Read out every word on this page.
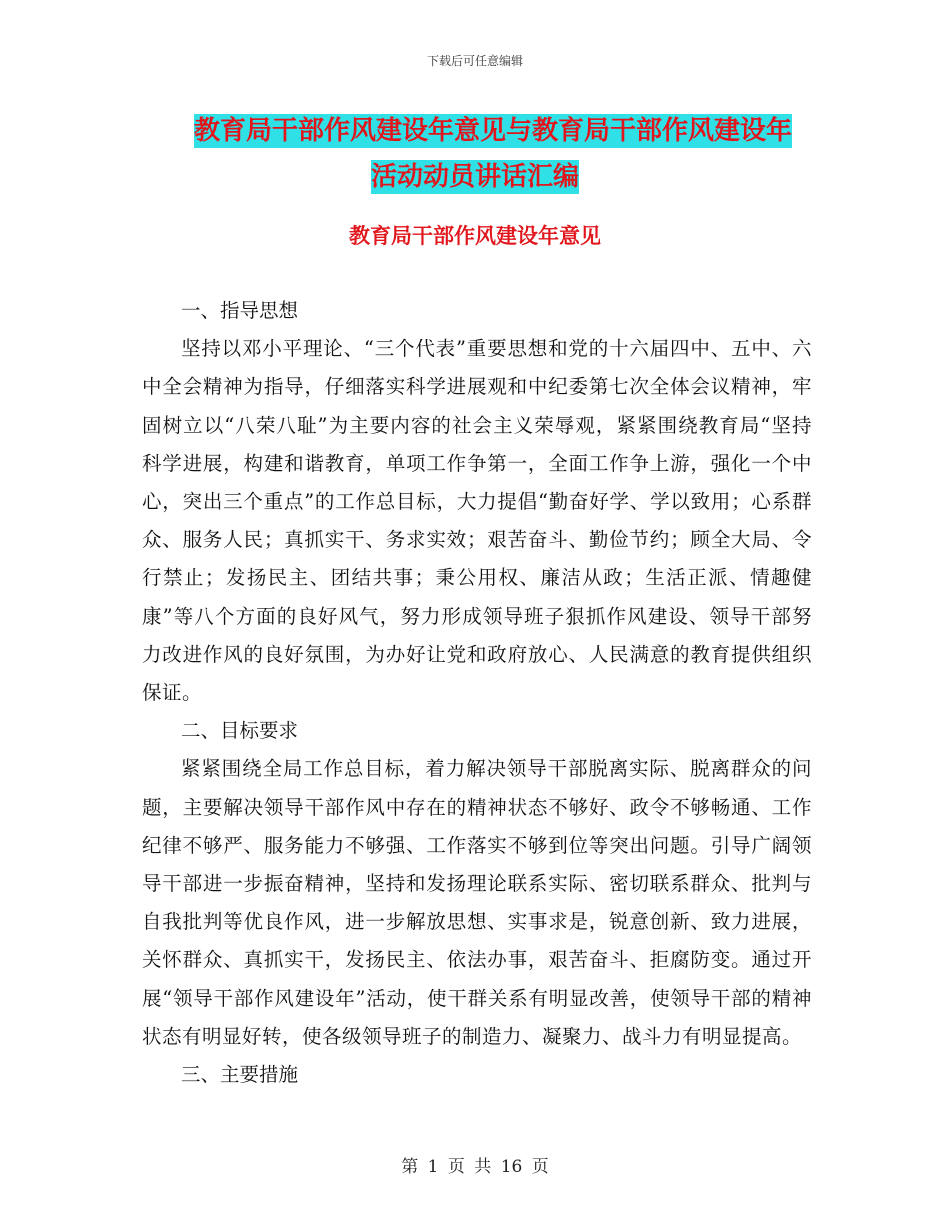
下载后可任意编辑
教育局干部作风建设年意见与教育局干部作风建设年
活动动员讲话汇编
教育局干部作风建设年意见

一、指导思想

坚持以邓小平理论、“三个代表”重要思想和党的十六届四中、五中、六中全会精神为指导，仔细落实科学进展观和中纪委第七次全体会议精神，牢固树立以“八荣八耻”为主要内容的社会主义荣辱观，紧紧围绕教育局“坚持科学进展，构建和谐教育，单项工作争第一，全面工作争上游，强化一个中心，突出三个重点”的工作总目标，大力提倡“勤奋好学、学以致用；心系群众、服务人民；真抓实干、务求实效；艰苦奋斗、勤俭节约；顾全大局、令行禁止；发扬民主、团结共事；秉公用权、廉洁从政；生活正派、情趣健康”等八个方面的良好风气，努力形成领导班子狠抓作风建设、领导干部努力改进作风的良好氛围，为办好让党和政府放心、人民满意的教育提供组织保证。

二、目标要求

紧紧围绕全局工作总目标，着力解决领导干部脱离实际、脱离群众的问题，主要解决领导干部作风中存在的精神状态不够好、政令不够畅通、工作纪律不够严、服务能力不够强、工作落实不够到位等突出问题。引导广阔领导干部进一步振奋精神，坚持和发扬理论联系实际、密切联系群众、批判与自我批判等优良作风，进一步解放思想、实事求是，锐意创新、致力进展，关怀群众、真抓实干，发扬民主、依法办事，艰苦奋斗、拒腐防变。通过开展“领导干部作风建设年”活动，使干群关系有明显改善，使领导干部的精神状态有明显好转，使各级领导班子的制造力、凝聚力、战斗力有明显提高。

三、主要措施

第 1 页 共 16 页
